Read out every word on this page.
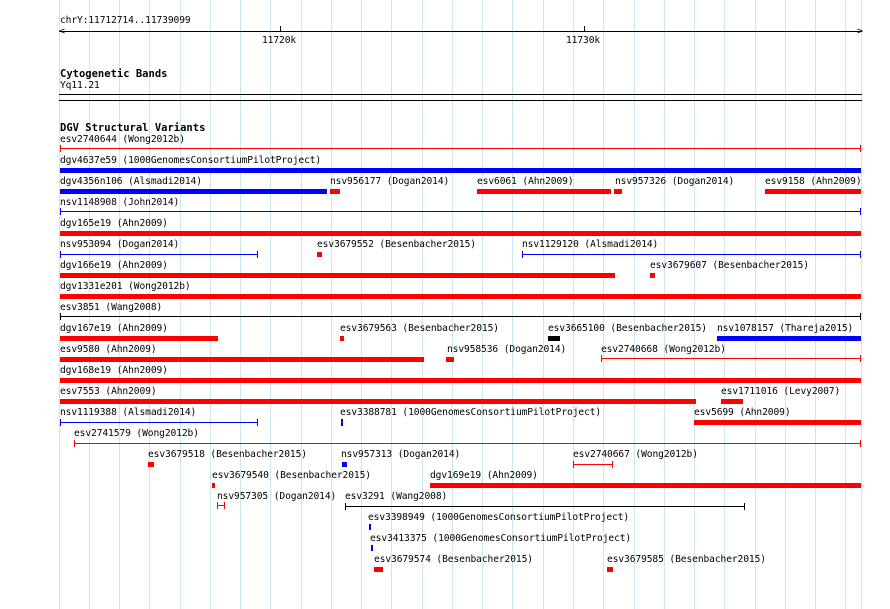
chrY:11712714..11739099
<	>
11720k	11730k
Cytogenetic Bands
Yq11.21
DGV Structural Variants
esv2740644 (Wong2012b)
dgv4637e59 (1000GenomesConsortiumPilotProject)
dgv4356n106 (Alsmadi2014)	nsv956177 (Dogan2014)	esv6061 (Ahn2009)	nsv957326 (Dogan2014)	esv9158 (Ahn2009)
nsv1148908 (John2014)
dgv165e19 (Ahn2009)
nsv953094 (Dogan2014)	esv3679552 (Besenbacher2015)	nsv1129120 (Alsmadi2014)
dgv166e19 (Ahn2009)	esv3679607 (Besenbacher2015)
dgv1331e201 (Wong2012b)
esv3851 (Wang2008)
dgv167e19 (Ahn2009)	esv3679563 (Besenbacher2015)	esv3665100 (Besenbacher2015) nsv1078157 (Thareja2015)
esv9580 (Ahn2009)	nsv958536 (Dogan2014)	esv2740668 (Wong2012b)
dgv168e19 (Ahn2009)
esv7553 (Ahn2009)	esv1711016 (Levy2007)
nsv1119388 (Alsmadi2014)	esv3388781 (1000GenomesConsortiumPilotProject)	esv5699 (Ahn2009)
esv2741579 (Wong2012b)
esv3679518 (Besenbacher2015)	nsv957313 (Dogan2014)	esv2740667 (Wong2012b)
esv3679540 (Besenbacher2015)	dgv169e19 (Ahn2009)
nsv957305 (Dogan2014) esv3291 (Wang2008)
esv3398949 (1000GenomesConsortiumPilotProject)
esv3413375 (1000GenomesConsortiumPilotProject)
esv3679574 (Besenbacher2015)	esv3679585 (Besenbacher2015)
